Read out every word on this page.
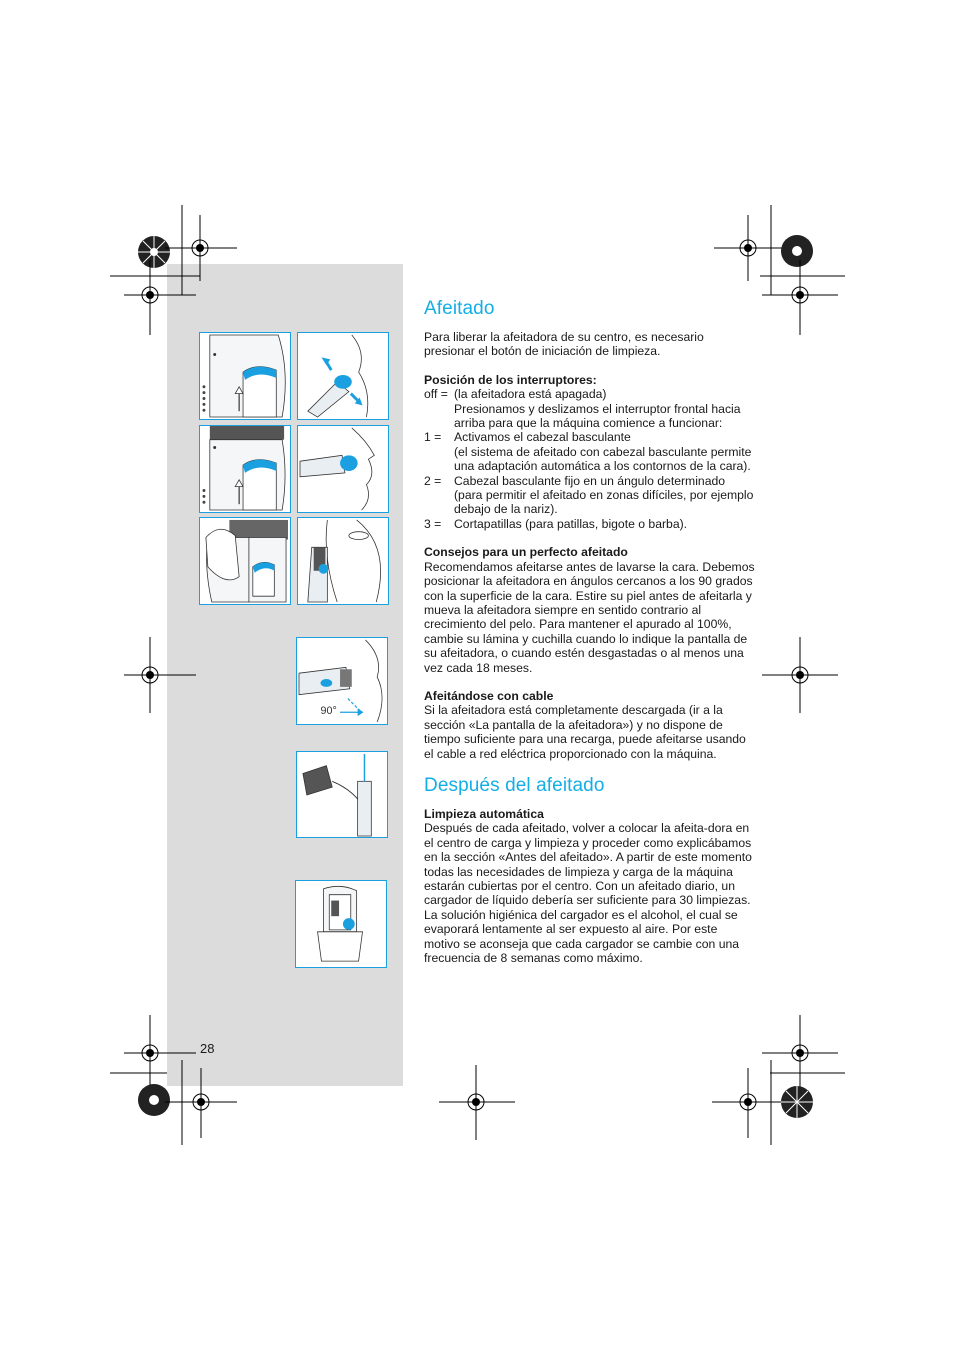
90°
28
Afeitado

Para liberar la afeitadora de su centro, es necesario presionar el botón de iniciación de limpieza.

Posición de los interruptores:

off = (la afeitadora está apagada)

Presionamos y deslizamos el interruptor frontal hacia arriba para que la máquina comience a funcionar:

1 =	Activamos el cabezal basculante

(el sistema de afeitado con cabezal basculante permite una adaptación automática a los contornos de la cara).

2 =	Cabezal basculante fijo en un ángulo determinado (para permitir el afeitado en zonas difíciles, por ejemplo debajo de la nariz).
3 =	Cortapatillas (para patillas, bigote o barba).

Consejos para un perfecto afeitado

Recomendamos afeitarse antes de lavarse la cara. Debemos posicionar la afeitadora en ángulos cercanos a los 90 grados con la superficie de la cara. Estire su piel antes de afeitarla y mueva la afeitadora siempre en sentido contrario al crecimiento del pelo. Para mantener el apurado al 100%, cambie su lámina y cuchilla cuando lo indique la pantalla de su afeitadora, o cuando estén desgastadas o al menos una vez cada 18 meses.

Afeitándose con cable

Si la afeitadora está completamente descargada (ir a la sección «La pantalla de la afeitadora») y no dispone de tiempo suficiente para una recarga, puede afeitarse usando el cable a red eléctrica proporcionado con la máquina.

Después del afeitado

Limpieza automática

Después de cada afeitado, volver a colocar la afeita-dora en el centro de carga y limpieza y proceder como explicábamos en la sección «Antes del afeitado». A partir de este momento todas las necesidades de limpieza y carga de la máquina estarán cubiertas por el centro. Con un afeitado diario, un cargador de líquido debería ser suficiente para 30 limpiezas.

La solución higiénica del cargador es el alcohol, el cual se evaporará lentamente al ser expuesto al aire. Por este motivo se aconseja que cada cargador se cambie con una frecuencia de 8 semanas como máximo.
